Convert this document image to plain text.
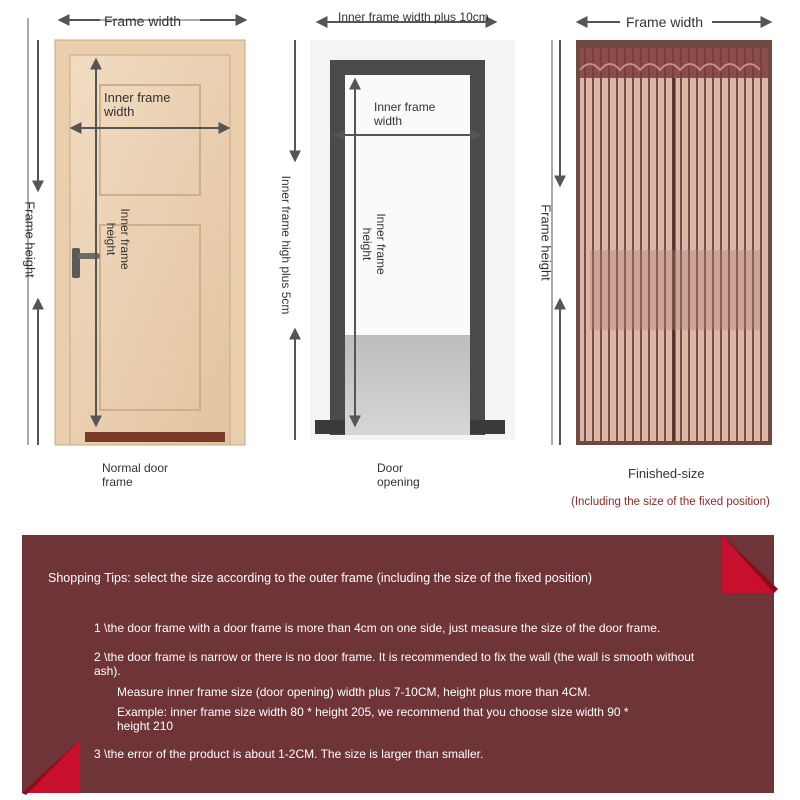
Frame width
Inner frame width
Frame height	Inner frame height
Normal door frame
Inner frame width plus 10cm
Inner frame width
Inner frame high plus 5cm	Inner frame height
Door opening
Frame width
Frame height
Finished-size
(Including the size of the fixed position)
Shopping Tips: select the size according to the outer frame (including the size of the fixed position)
1 \the door frame with a door frame is more than 4cm on one side, just measure the size of the door frame.
2 \the door frame is narrow or there is no door frame. It is recommended to fix the wall (the wall is smooth without ash).
Measure inner frame size (door opening) width plus 7-10CM, height plus more than 4CM.
Example: inner frame size width 80 * height 205, we recommend that you choose size width 90 * height 210
3 \the error of the product is about 1-2CM. The size is larger than smaller.
